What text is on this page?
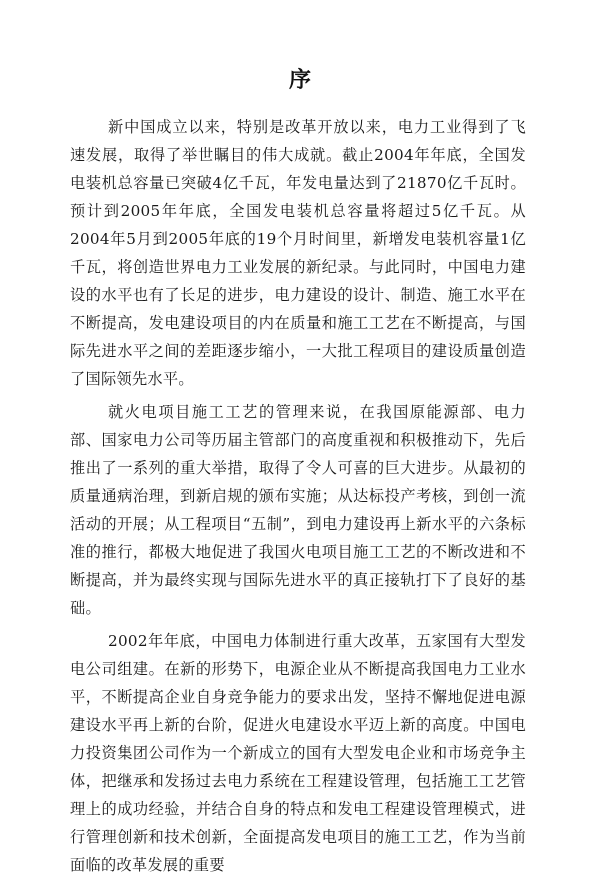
序

新中国成立以来，特别是改革开放以来，电力工业得到了飞速发展，取得了举世瞩目的伟大成就。截止2004年年底，全国发电装机总容量已突破4亿千瓦，年发电量达到了21870亿千瓦时。预计到2005年年底，全国发电装机总容量将超过5亿千瓦。从2004年5月到2005年底的19个月时间里，新增发电装机容量1亿千瓦，将创造世界电力工业发展的新纪录。与此同时，中国电力建设的水平也有了长足的进步，电力建设的设计、制造、施工水平在不断提高，发电建设项目的内在质量和施工工艺在不断提高，与国际先进水平之间的差距逐步缩小，一大批工程项目的建设质量创造了国际领先水平。

就火电项目施工工艺的管理来说，在我国原能源部、电力部、国家电力公司等历届主管部门的高度重视和积极推动下，先后推出了一系列的重大举措，取得了令人可喜的巨大进步。从最初的质量通病治理，到新启规的颁布实施；从达标投产考核，到创一流活动的开展；从工程项目“五制”，到电力建设再上新水平的六条标准的推行，都极大地促进了我国火电项目施工工艺的不断改进和不断提高，并为最终实现与国际先进水平的真正接轨打下了良好的基础。

2002年年底，中国电力体制进行重大改革，五家国有大型发电公司组建。在新的形势下，电源企业从不断提高我国电力工业水平，不断提高企业自身竞争能力的要求出发，坚持不懈地促进电源建设水平再上新的台阶，促进火电建设水平迈上新的高度。中国电力投资集团公司作为一个新成立的国有大型发电企业和市场竞争主体，把继承和发扬过去电力系统在工程建设管理，包括施工工艺管理上的成功经验，并结合自身的特点和发电工程建设管理模式，进行管理创新和技术创新，全面提高发电项目的施工工艺，作为当前面临的改革发展的重要
